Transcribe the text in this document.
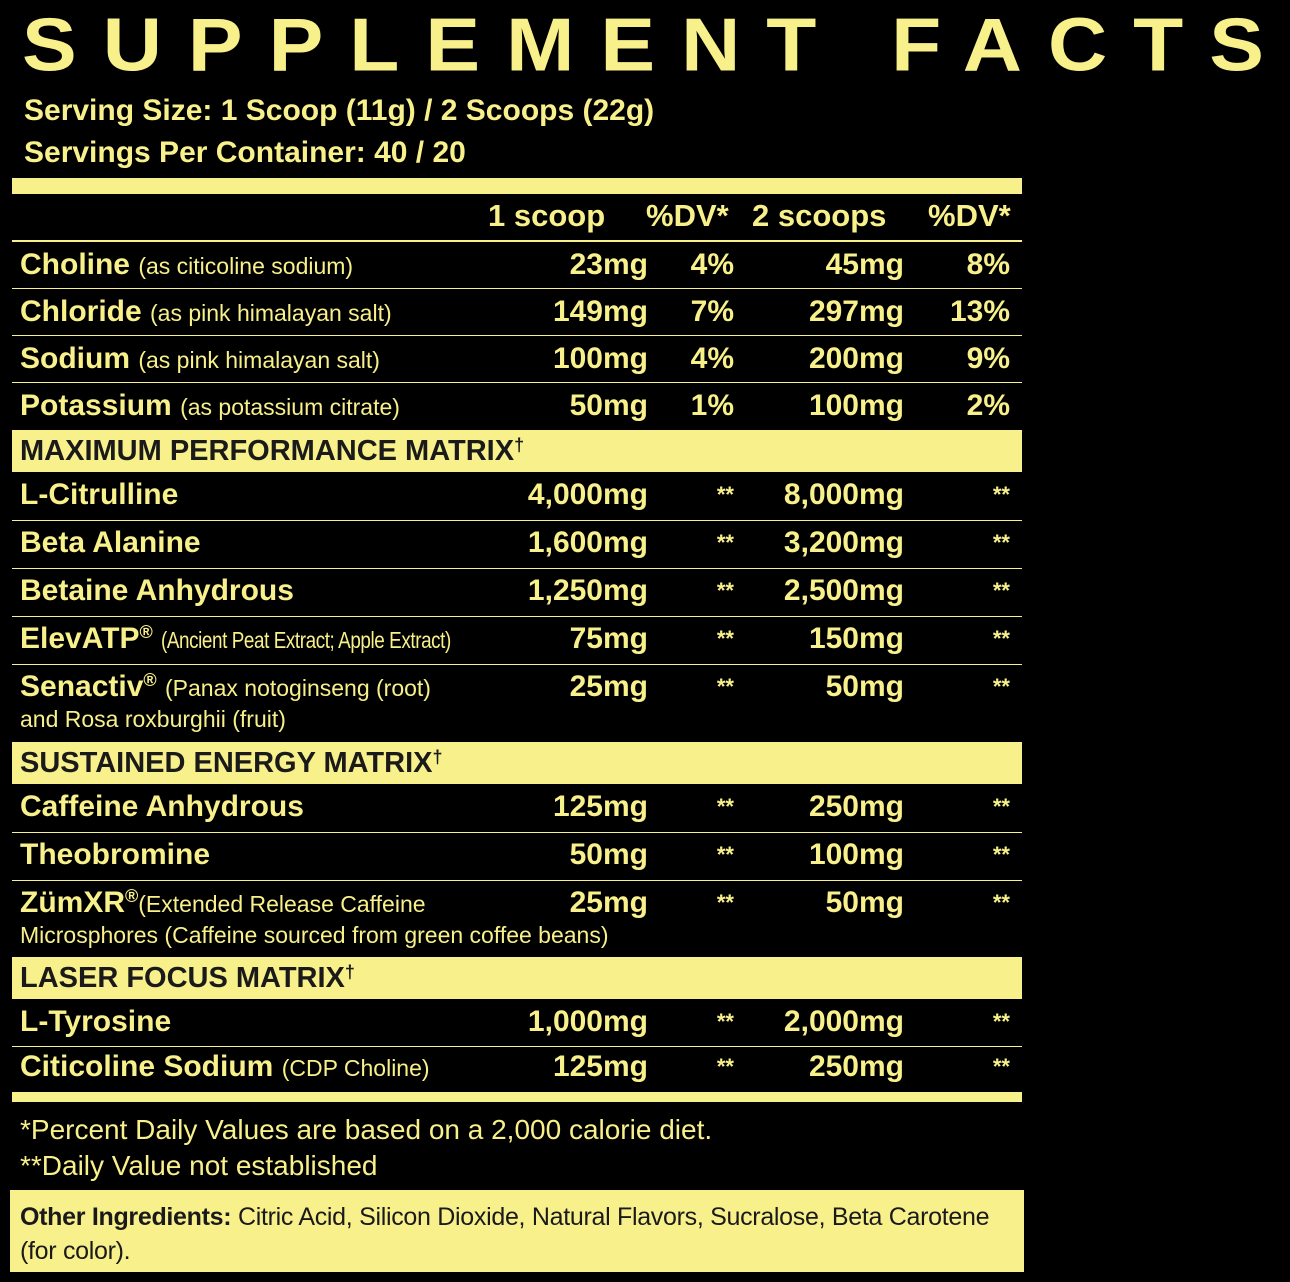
SUPPLEMENT FACTS
Serving Size: 1 Scoop (11g) / 2 Scoops (22g)
Servings Per Container: 40 / 20
1 scoop %DV* 2 scoops %DV*
Choline (as citicoline sodium)	23mg 4%	45mg 8%
Chloride (as pink himalayan salt)	149mg 7% 297mg 13%
Sodium (as pink himalayan salt)	100mg 4% 200mg 9%
Potassium (as potassium citrate)	50mg 1% 100mg 2%
MAXIMUM PERFORMANCE MATRIX†
L-Citrulline	4,000mg	** 8,000mg	**
Beta Alanine	1,600mg	** 3,200mg	**
Betaine Anhydrous	1,250mg	** 2,500mg	**
ElevATP® (Ancient Peat Extract; Apple Extract)	75mg	** 150mg	**
Senactiv® (Panax notoginseng (root)
and Rosa roxburghii (fruit)
25mg	**	50mg	**
SUSTAINED ENERGY MATRIX†
Caffeine Anhydrous	125mg	** 250mg	**
Theobromine	50mg	** 100mg	**
ZümXR®(Extended Release Caffeine
Microsphores (Caffeine sourced from green coffee beans)
25mg	**	50mg	**
LASER FOCUS MATRIX†
L-Tyrosine	1,000mg	** 2,000mg	**
Citicoline Sodium (CDP Choline)	125mg	** 250mg	**
*Percent Daily Values are based on a 2,000 calorie diet.
**Daily Value not established
Other Ingredients: Citric Acid, Silicon Dioxide, Natural Flavors, Sucralose, Beta Carotene (for color).
